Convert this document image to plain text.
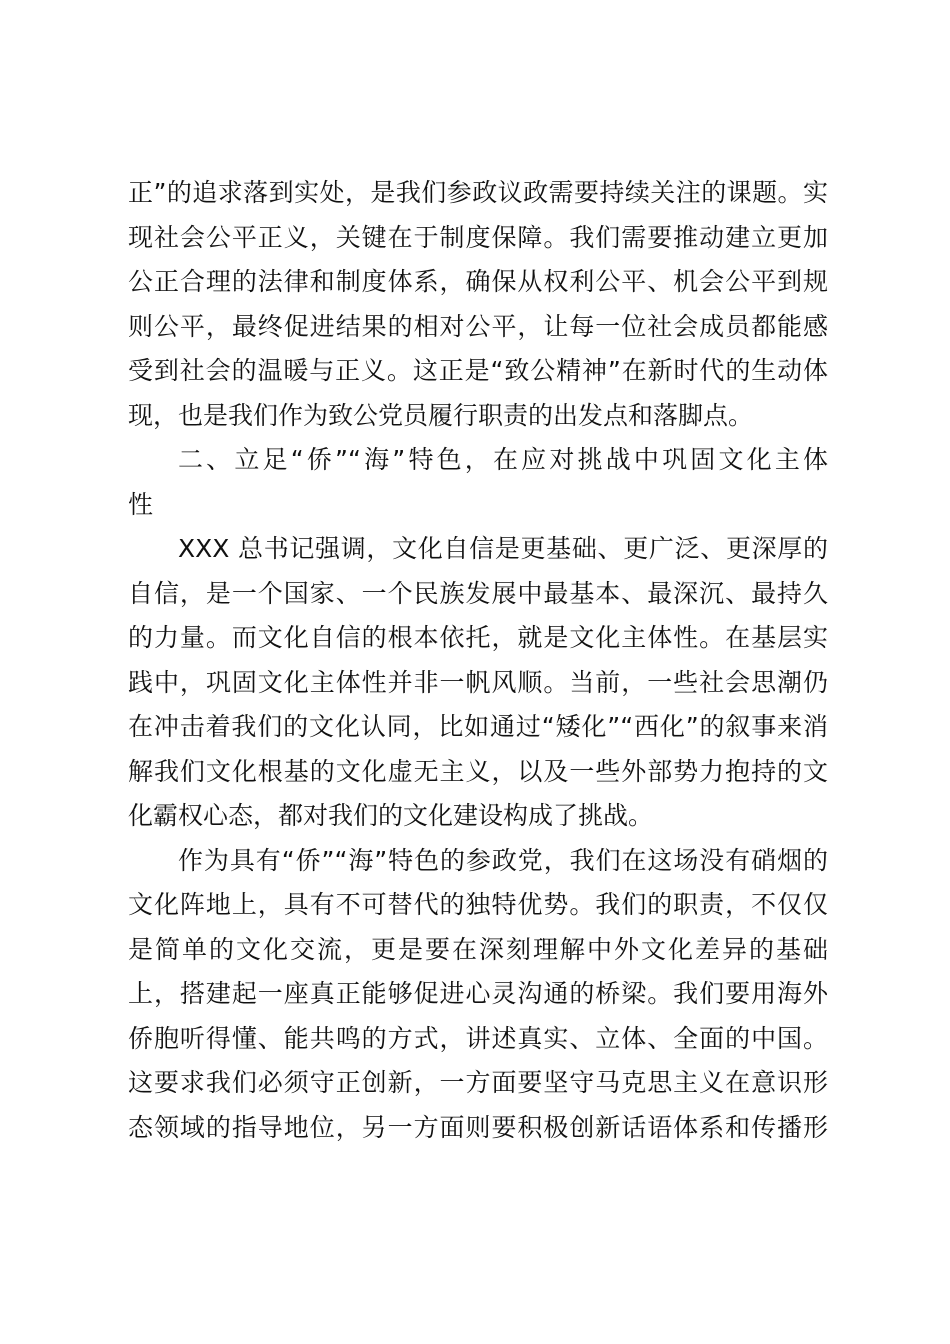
正”的追求落到实处，是我们参政议政需要持续关注的课题。实
现社会公平正义，关键在于制度保障。我们需要推动建立更加
公正合理的法律和制度体系，确保从权利公平、机会公平到规
则公平，最终促进结果的相对公平，让每一位社会成员都能感
受到社会的温暖与正义。这正是“致公精神”在新时代的生动体
现，也是我们作为致公党员履行职责的出发点和落脚点。
二、立足“侨”“海”特色，在应对挑战中巩固文化主体
性
XXX 总书记强调，文化自信是更基础、更广泛、更深厚的
自信，是一个国家、一个民族发展中最基本、最深沉、最持久
的力量。而文化自信的根本依托，就是文化主体性。在基层实
践中，巩固文化主体性并非一帆风顺。当前，一些社会思潮仍
在冲击着我们的文化认同，比如通过“矮化”“西化”的叙事来消
解我们文化根基的文化虚无主义，以及一些外部势力抱持的文
化霸权心态，都对我们的文化建设构成了挑战。
作为具有“侨”“海”特色的参政党，我们在这场没有硝烟的
文化阵地上，具有不可替代的独特优势。我们的职责，不仅仅
是简单的文化交流，更是要在深刻理解中外文化差异的基础
上，搭建起一座真正能够促进心灵沟通的桥梁。我们要用海外
侨胞听得懂、能共鸣的方式，讲述真实、立体、全面的中国。
这要求我们必须守正创新，一方面要坚守马克思主义在意识形
态领域的指导地位，另一方面则要积极创新话语体系和传播形
